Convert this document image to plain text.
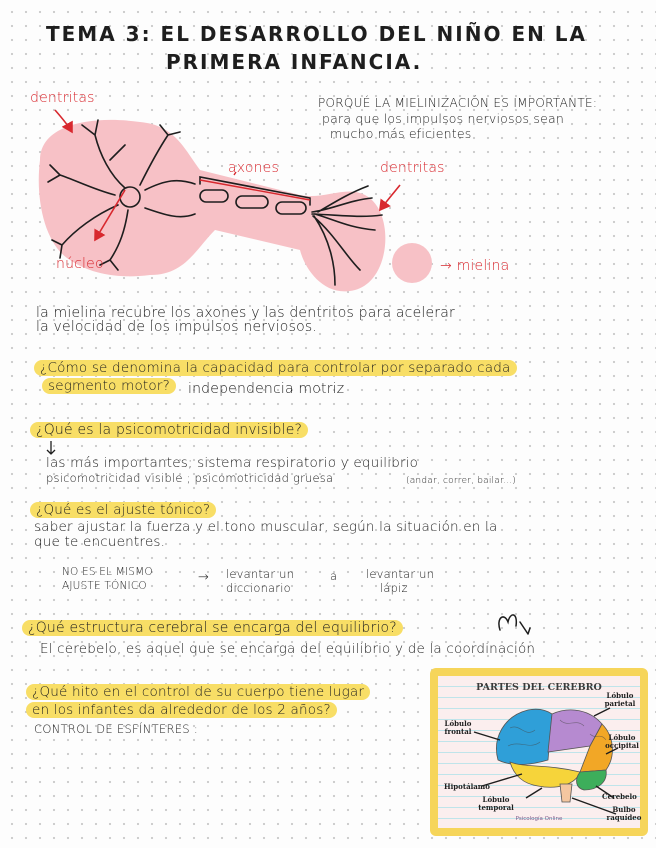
TEMA 3: EL DESARROLLO DEL NIÑO EN LA
PRIMERA INFANCIA.
dentritas
axones	dentritas
núcleo	→ mielina
PORQUÉ LA MIELINIZACIÓN ES IMPORTANTE:
para que los impulsos nerviosos sean
mucho más eficientes
la mielina recubre los axones y las dentritos para acelerar
la velocidad de los impulsos nerviosos.
¿Cómo se denomina la capacidad para controlar por separado cada
segmento motor?	independencia motriz
¿Qué es la psicomotricidad invisible?
las más importantes; sistema respiratorio y equilibrio
psicomotricidad visible ; psicomotricidad gruesa	(andar, correr, bailar...)
¿Qué es el ajuste tónico?
saber ajustar la fuerza y el tono muscular, según la situación en la
que te encuentres.
NO ES EL MISMO
AJUSTE TÓNICO
→ levantar un
diccionario
a	levantar un
lápiz
¿Qué estructura cerebral se encarga del equilibrio?
El cerebelo, es aquel que se encarga del equilibrio y de la coordinación
¿Qué hito en el control de su cuerpo tiene lugar
en los infantes da alrededor de los 2 años?
CONTROL DE ESFÍNTERES :
PARTES DEL CEREBRO
Lóbulo parietal
Lóbulo frontal
Lóbulo occipital
Hipotálamo
Cerebelo
Lóbulo temporal	Bulbo raquídeo
Psicología Online
